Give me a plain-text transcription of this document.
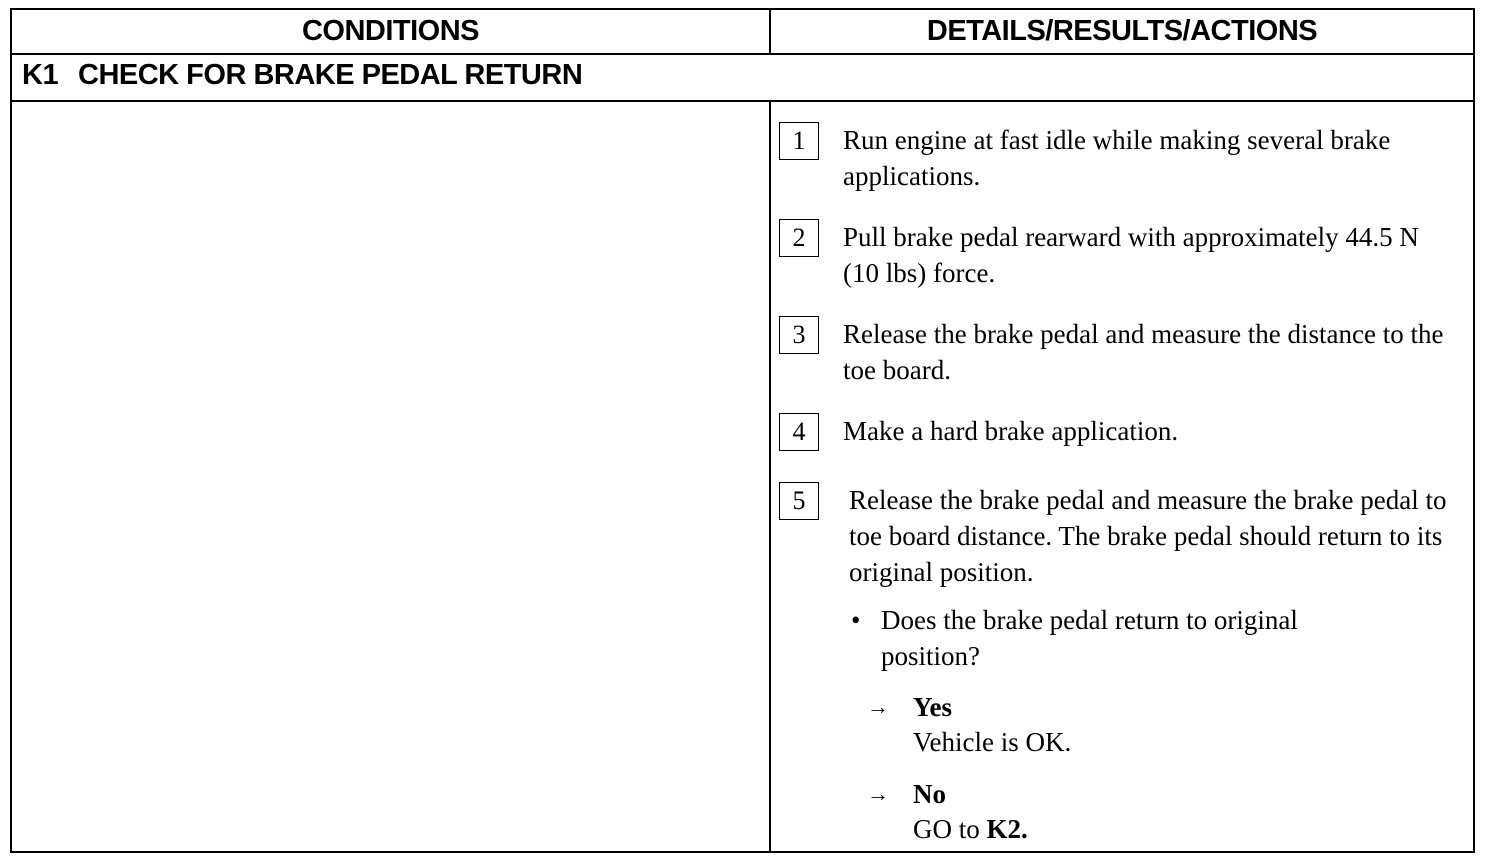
CONDITIONS	DETAILS/RESULTS/ACTIONS
K1 CHECK FOR BRAKE PEDAL RETURN
1	Run engine at fast idle while making several brake applications.
2	Pull brake pedal rearward with approximately 44.5 N (10 lbs) force.
3	Release the brake pedal and measure the distance to the toe board.
4	Make a hard brake application.
5	Release the brake pedal and measure the brake pedal to toe board distance. The brake pedal should return to its original position.
• Does the brake pedal return to original position?
→ Yes
Vehicle is OK.
→ No
GO to K2.
